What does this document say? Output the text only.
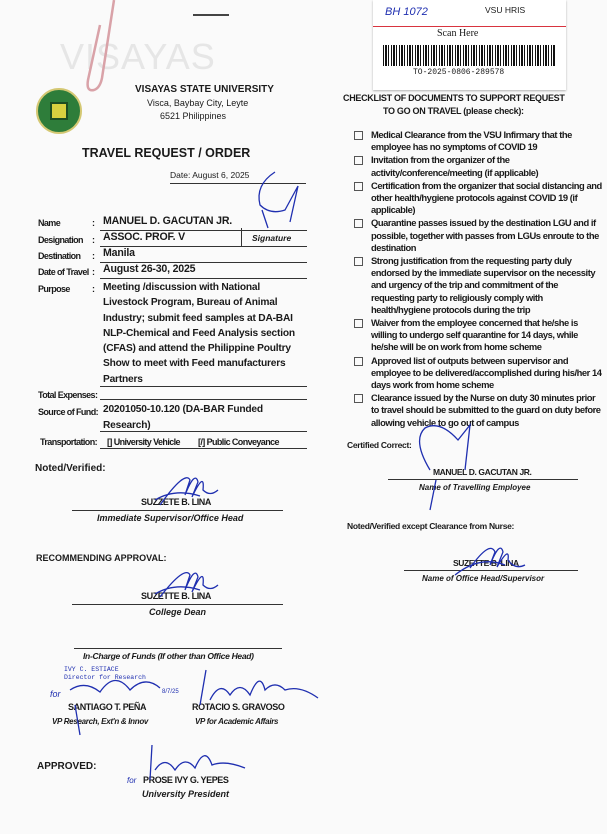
VISAYAS
BH 1072	VSU HRIS
Scan Here
TO-2025-0806-289578
VISAYAS STATE UNIVERSITY
Visca, Baybay City, Leyte
6521 Philippines
CHECKLIST OF DOCUMENTS TO SUPPORT REQUEST
TO GO ON TRAVEL (please check):
TRAVEL REQUEST / ORDER
Date: August 6, 2025
Name	: MANUEL D. GACUTAN JR.
Designation : ASSOC. PROF. V	Signature
Destination : Manila
Date of Travel : August 26-30, 2025
Purpose : Meeting /discussion with National
Livestock Program, Bureau of Animal
Industry; submit feed samples at DA-BAI
NLP-Chemical and Feed Analysis section
(CFAS) and attend the Philippine Poultry
Show to meet with Feed manufacturers
Partners
Total Expenses:
Source of Fund: 20201050-10.120 (DA-BAR Funded
Research)
Transportation: [] University Vehicle [/] Public Conveyance
Medical Clearance from the VSU Infirmary that the employee has no symptoms of COVID 19
Invitation from the organizer of the activity/conference/meeting (if applicable)
Certification from the organizer that social distancing and other health/hygiene protocols against COVID 19 (if applicable)
Quarantine passes issued by the destination LGU and if possible, together with passes from LGUs enroute to the destination
Strong justification from the requesting party duly endorsed by the immediate supervisor on the necessity and urgency of the trip and commitment of the requesting party to religiously comply with health/hygiene protocols during the trip
Waiver from the employee concerned that he/she is willing to undergo self quarantine for 14 days, while he/she will be on work from home scheme
Approved list of outputs between supervisor and employee to be delivered/accomplished during his/her 14 days work from home scheme
Clearance issued by the Nurse on duty 30 minutes prior to travel should be submitted to the guard on duty before allowing vehicle to go out of campus
Certified Correct:
MANUEL D. GACUTAN JR.
Name of Travelling Employee
Noted/Verified except Clearance from Nurse:
SUZETTE B. LINA
Name of Office Head/Supervisor
Noted/Verified:
SUZZETE B. LINA
Immediate Supervisor/Office Head
RECOMMENDING APPROVAL:
SUZETTE B. LINA
College Dean
In-Charge of Funds (If other than Office Head)
IVY C. ESTIACE
Director for Research
8/7/25
for
SANTIAGO T. PEÑA
VP Research, Ext'n & Innov
ROTACIO S. GRAVOSO
VP for Academic Affairs
APPROVED:
for PROSE IVY G. YEPES
University President
